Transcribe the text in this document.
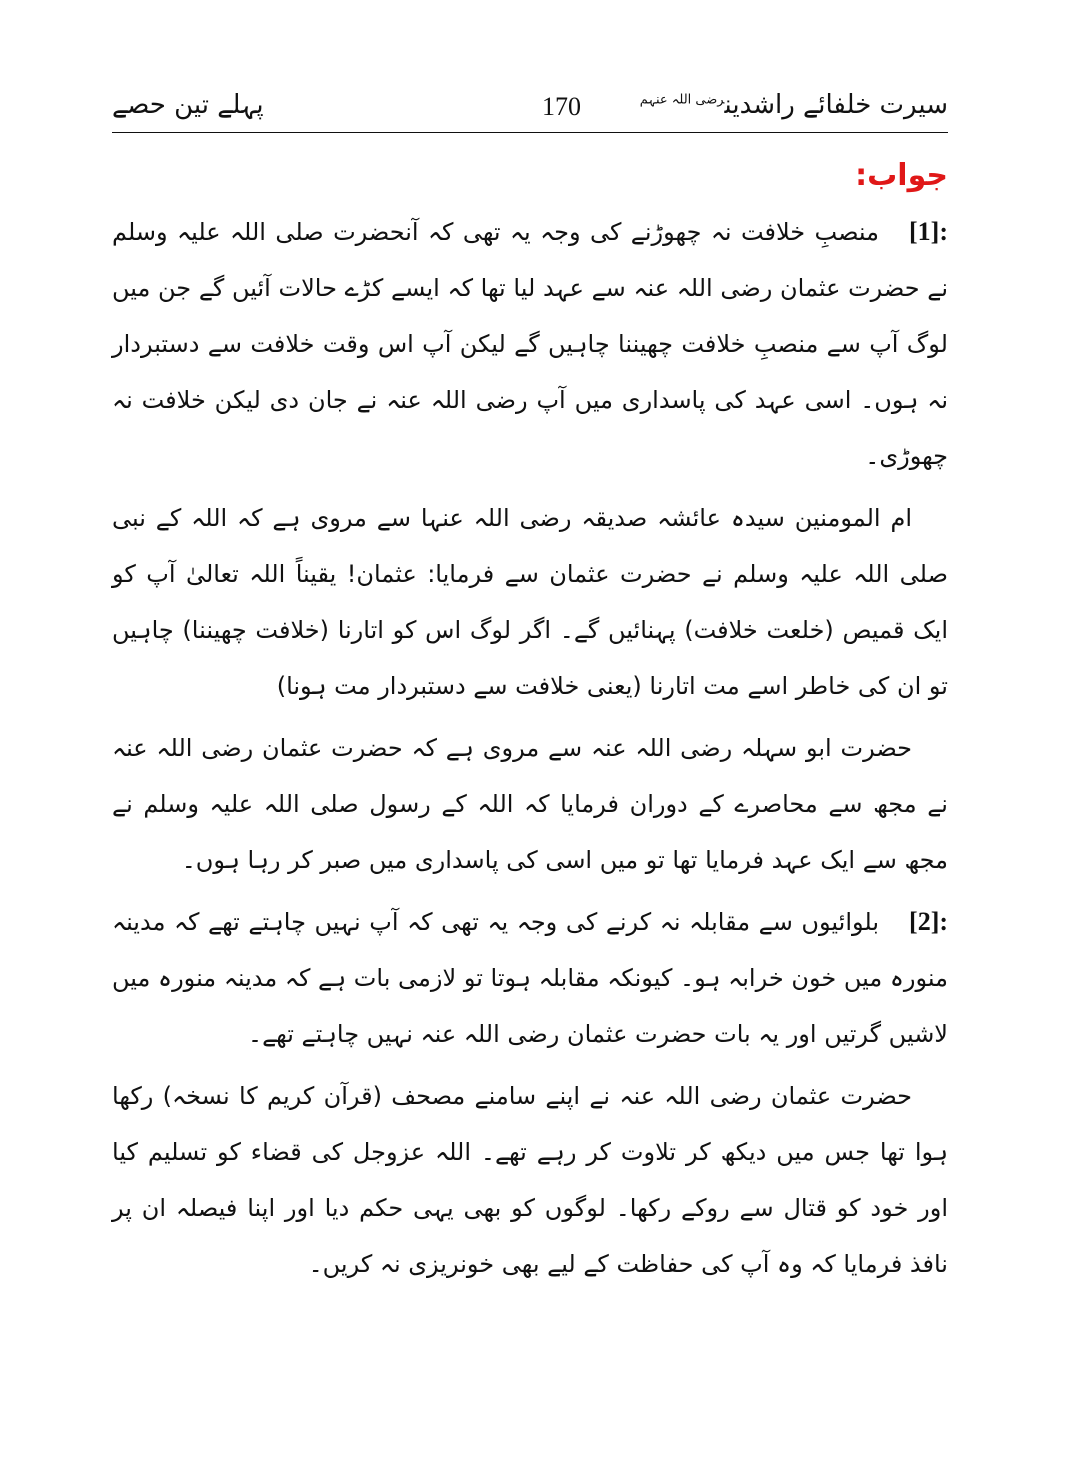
سیرت خلفائے راشدین$^{رضی اللہ عنہم}$
170
پہلے تین حصے
جواب:

[1]:منصبِ خلافت نہ چھوڑنے کی وجہ یہ تھی کہ آنحضرت صلی اللہ علیہ وسلم نے حضرت عثمان رضی اللہ عنہ سے عہد لیا تھا کہ ایسے کڑے حالات آئیں گے جن میں لوگ آپ سے منصبِ خلافت چھیننا چاہیں گے لیکن آپ اس وقت خلافت سے دستبردار نہ ہوں۔ اسی عہد کی پاسداری میں آپ رضی اللہ عنہ نے جان دی لیکن خلافت نہ چھوڑی۔

ام المومنین سیدہ عائشہ صدیقہ رضی اللہ عنہا سے مروی ہے کہ اللہ کے نبی صلی اللہ علیہ وسلم نے حضرت عثمان سے فرمایا: عثمان! یقیناً اللہ تعالیٰ آپ کو ایک قمیص (خلعت خلافت) پہنائیں گے۔ اگر لوگ اس کو اتارنا (خلافت چھیننا) چاہیں تو ان کی خاطر اسے مت اتارنا (یعنی خلافت سے دستبردار مت ہونا)

حضرت ابو سہلہ رضی اللہ عنہ سے مروی ہے کہ حضرت عثمان رضی اللہ عنہ نے مجھ سے محاصرے کے دوران فرمایا کہ اللہ کے رسول صلی اللہ علیہ وسلم نے مجھ سے ایک عہد فرمایا تھا تو میں اسی کی پاسداری میں صبر کر رہا ہوں۔

[2]:بلوائیوں سے مقابلہ نہ کرنے کی وجہ یہ تھی کہ آپ نہیں چاہتے تھے کہ مدینہ منورہ میں خون خرابہ ہو۔ کیونکہ مقابلہ ہوتا تو لازمی بات ہے کہ مدینہ منورہ میں لاشیں گرتیں اور یہ بات حضرت عثمان رضی اللہ عنہ نہیں چاہتے تھے۔

حضرت عثمان رضی اللہ عنہ نے اپنے سامنے مصحف (قرآن کریم کا نسخہ) رکھا ہوا تھا جس میں دیکھ کر تلاوت کر رہے تھے۔ اللہ عزوجل کی قضاء کو تسلیم کیا اور خود کو قتال سے روکے رکھا۔ لوگوں کو بھی یہی حکم دیا اور اپنا فیصلہ ان پر نافذ فرمایا کہ وہ آپ کی حفاظت کے لیے بھی خونریزی نہ کریں۔
